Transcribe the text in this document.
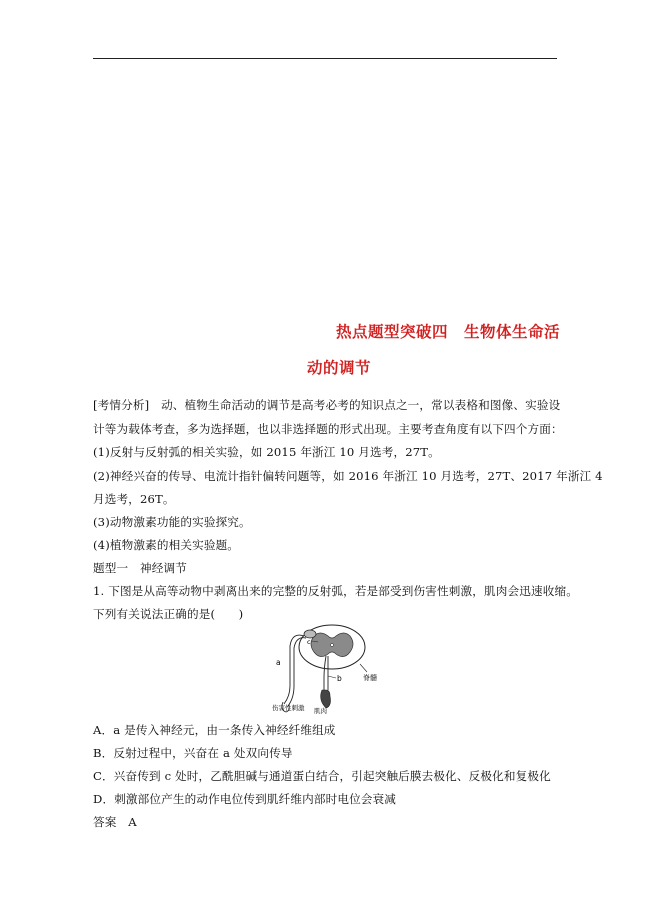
热点题型突破四　生物体生命活
动的调节
[考情分析]　动、植物生命活动的调节是高考必考的知识点之一，常以表格和图像、实验设
计等为载体考查，多为选择题，也以非选择题的形式出现。主要考查角度有以下四个方面：
(1)反射与反射弧的相关实验，如 2015 年浙江 10 月选考，27T。
(2)神经兴奋的传导、电流计指针偏转问题等，如 2016 年浙江 10 月选考，27T、2017 年浙江 4
月选考，26T。
(3)动物激素功能的实验探究。
(4)植物激素的相关实验题。
题型一　神经调节
1. 下图是从高等动物中剥离出来的完整的反射弧，若是部受到伤害性刺激，肌肉会迅速收缩。
下列有关说法正确的是(　　)
a
b
c
脊髓
伤害性刺激 肌肉
A．a 是传入神经元，由一条传入神经纤维组成
B．反射过程中，兴奋在 a 处双向传导
C．兴奋传到 c 处时，乙酰胆碱与通道蛋白结合，引起突触后膜去极化、反极化和复极化
D．刺激部位产生的动作电位传到肌纤维内部时电位会衰减
答案　A
